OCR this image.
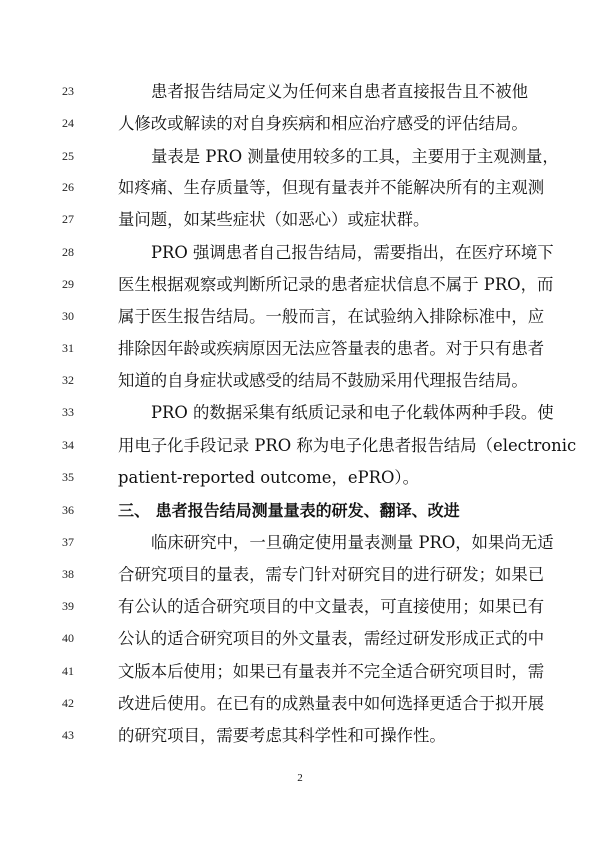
23	患者报告结局定义为任何来自患者直接报告且不被他
24	人修改或解读的对自身疾病和相应治疗感受的评估结局。
25	量表是 PRO 测量使用较多的工具，主要用于主观测量，
26	如疼痛、生存质量等，但现有量表并不能解决所有的主观测
27	量问题，如某些症状（如恶心）或症状群。
28	PRO 强调患者自己报告结局，需要指出，在医疗环境下
29	医生根据观察或判断所记录的患者症状信息不属于 PRO，而
30	属于医生报告结局。一般而言，在试验纳入排除标准中，应
31	排除因年龄或疾病原因无法应答量表的患者。对于只有患者
32	知道的自身症状或感受的结局不鼓励采用代理报告结局。
33	PRO 的数据采集有纸质记录和电子化载体两种手段。使
34	用电子化手段记录 PRO 称为电子化患者报告结局（electronic
35	patient-reported outcome，ePRO）。
36	三、 患者报告结局测量量表的研发、翻译、改进
37	临床研究中，一旦确定使用量表测量 PRO，如果尚无适
38	合研究项目的量表，需专门针对研究目的进行研发；如果已
39	有公认的适合研究项目的中文量表，可直接使用；如果已有
40	公认的适合研究项目的外文量表，需经过研发形成正式的中
41	文版本后使用；如果已有量表并不完全适合研究项目时，需
42	改进后使用。在已有的成熟量表中如何选择更适合于拟开展
43	的研究项目，需要考虑其科学性和可操作性。
2
